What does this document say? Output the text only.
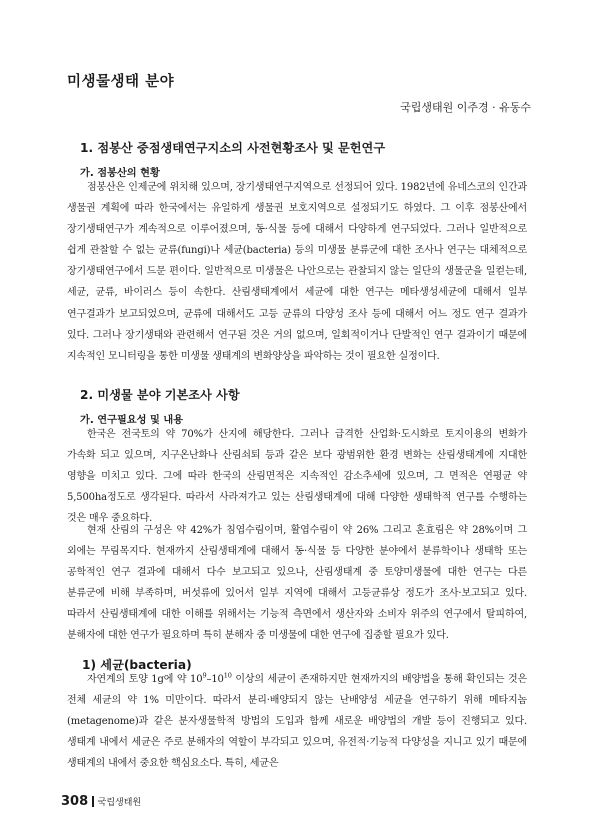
미생물생태 분야
국립생태원 이주경 · 유동수
1. 점봉산 중점생태연구지소의 사전현황조사 및 문헌연구
가. 점봉산의 현황

점봉산은 인제군에 위치해 있으며, 장기생태연구지역으로 선정되어 있다. 1982년에 유네스코의 인간과 생물권 계획에 따라 한국에서는 유일하게 생물권 보호지역으로 설정되기도 하였다. 그 이후 점봉산에서 장기생태연구가 계속적으로 이루어졌으며, 동·식물 등에 대해서 다양하게 연구되었다. 그러나 일반적으로 쉽게 관찰할 수 없는 균류(fungi)나 세균(bacteria) 등의 미생물 분류군에 대한 조사나 연구는 대체적으로 장기생태연구에서 드문 편이다. 일반적으로 미생물은 나안으로는 관찰되지 않는 일단의 생물군을 일컫는데, 세균, 균류, 바이러스 등이 속한다. 산림생태계에서 세균에 대한 연구는 메타생성세균에 대해서 일부 연구결과가 보고되었으며, 균류에 대해서도 고등 균류의 다양성 조사 등에 대해서 어느 정도 연구 결과가 있다. 그러나 장기생태와 관련해서 연구된 것은 거의 없으며, 일회적이거나 단발적인 연구 결과이기 때문에 지속적인 모니터링을 통한 미생물 생태계의 변화양상을 파악하는 것이 필요한 실정이다.

2. 미생물 분야 기본조사 사항
가. 연구필요성 및 내용

한국은 전국토의 약 70%가 산지에 해당한다. 그러나 급격한 산업화·도시화로 토지이용의 변화가 가속화 되고 있으며, 지구온난화나 산림쇠퇴 등과 같은 보다 광범위한 환경 변화는 산림생태계에 지대한 영향을 미치고 있다. 그에 따라 한국의 산림면적은 지속적인 감소추세에 있으며, 그 면적은 연평균 약 5,500ha정도로 생각된다. 따라서 사라져가고 있는 산림생태계에 대해 다양한 생태학적 연구를 수행하는 것은 매우 중요하다.

현재 산림의 구성은 약 42%가 침엽수림이며, 활엽수림이 약 26% 그리고 혼효림은 약 28%이며 그 외에는 무림목지다. 현재까지 산림생태계에 대해서 동·식물 등 다양한 분야에서 분류학이나 생태학 또는 공학적인 연구 결과에 대해서 다수 보고되고 있으나, 산림생태계 중 토양미생물에 대한 연구는 다른 분류군에 비해 부족하며, 버섯류에 있어서 일부 지역에 대해서 고등균류상 정도가 조사·보고되고 있다. 따라서 산림생태계에 대한 이해를 위해서는 기능적 측면에서 생산자와 소비자 위주의 연구에서 탈피하여, 분해자에 대한 연구가 필요하며 특히 분해자 중 미생물에 대한 연구에 집중할 필요가 있다.

1) 세균(bacteria)

자연계의 토양 1g에 약 $10^9-10^{10}$ 이상의 세균이 존재하지만 현재까지의 배양법을 통해 확인되는 것은 전체 세균의 약 1% 미만이다. 따라서 분리·배양되지 않는 난배양성 세균을 연구하기 위해 메타지놈(metagenome)과 같은 분자생물학적 방법의 도입과 함께 새로운 배양법의 개발 등이 진행되고 있다. 생태계 내에서 세균은 주로 분해자의 역할이 부각되고 있으며, 유전적·기능적 다양성을 지니고 있기 때문에 생태계의 내에서 중요한 핵심요소다. 특히, 세균은

308 국립생태원
